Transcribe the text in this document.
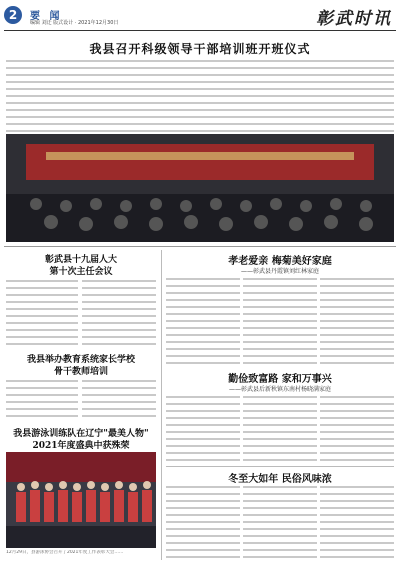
2	要 闻
编辑 刘迁 版式设计 · 2021年12月30日	彰武时讯
我县召开科级领导干部培训班开班仪式
彰武县十九届人大
第十次主任会议
我县举办教育系统家长学校
骨干教师培训
我县游泳训练队在辽宁"最美人物"
2021年度盛典中获殊荣
12月29日，县游泳协会召开了2021年度工作表彰大会……
孝老爱亲 梅菊美好家庭
——彰武县丹霞镇刘红林家庭
勤俭致富路 家和万事兴
——彰武县后新秋镇东南村杨晓满家庭
冬至大如年 民俗风味浓
